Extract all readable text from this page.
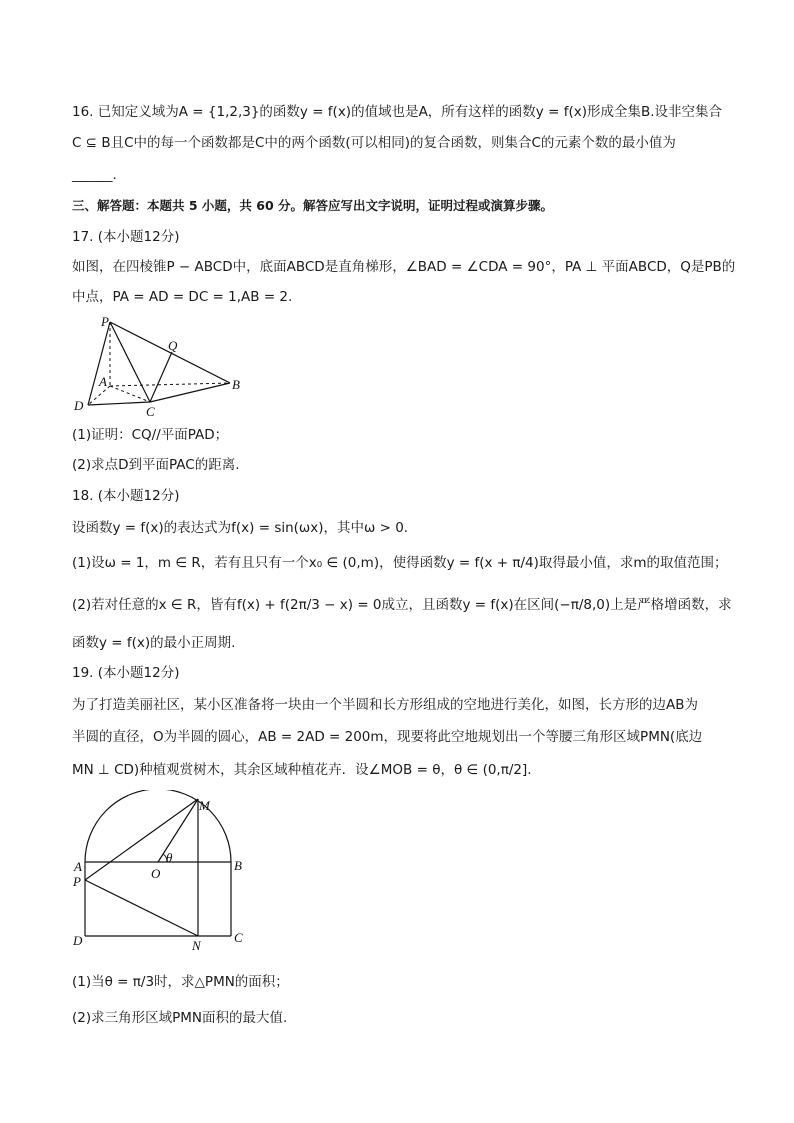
16. 已知定义域为A = {1,2,3}的函数y = f(x)的值域也是A，所有这样的函数y = f(x)形成全集B.设非空集合
C ⊆ B且C中的每一个函数都是C中的两个函数(可以相同)的复合函数，则集合C的元素个数的最小值为
______.
三、解答题：本题共 5 小题，共 60 分。解答应写出文字说明，证明过程或演算步骤。
17. (本小题12分)
如图，在四棱锥P − ABCD中，底面ABCD是直角梯形，∠BAD = ∠CDA = 90°，PA ⊥ 平面ABCD，Q是PB的
中点，PA = AD = DC = 1,AB = 2.
P
Q
A	B
C
D
(1)证明：CQ//平面PAD；
(2)求点D到平面PAC的距离.
18. (本小题12分)
设函数y = f(x)的表达式为f(x) = sin(ωx)，其中ω > 0.
(1)设ω = 1，m ∈ R，若有且只有一个x₀ ∈ (0,m)，使得函数y = f(x + π/4)取得最小值，求m的取值范围；
(2)若对任意的x ∈ R，皆有f(x) + f(2π/3 − x) = 0成立，且函数y = f(x)在区间(−π/8,0)上是严格增函数，求
函数y = f(x)的最小正周期.
19. (本小题12分)
为了打造美丽社区，某小区准备将一块由一个半圆和长方形组成的空地进行美化，如图，长方形的边AB为
半圆的直径，O为半圆的圆心，AB = 2AD = 200m，现要将此空地规划出一个等腰三角形区域PMN(底边
MN ⊥ CD)种植观赏树木，其余区域种植花卉．设∠MOB = θ，θ ∈ (0,π/2].
M
A	B
O
θ
P
D	N
C
(1)当θ = π/3时，求△PMN的面积；
(2)求三角形区域PMN面积的最大值.
